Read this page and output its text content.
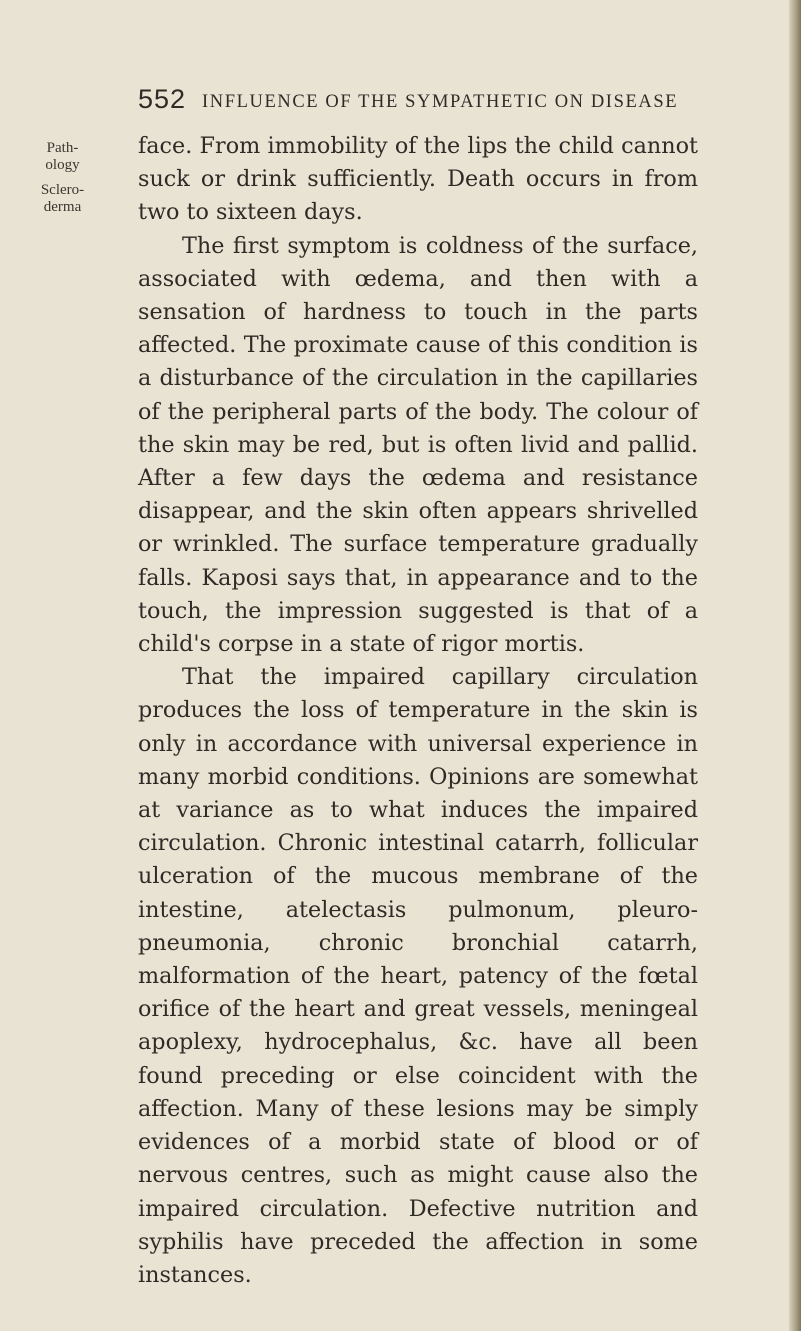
552 INFLUENCE OF THE SYMPATHETIC ON DISEASE
Path-
ology
Sclero-
derma

face. From immobility of the lips the child cannot suck or drink sufficiently. Death occurs in from two to sixteen days.

The first symptom is coldness of the surface, associated with œdema, and then with a sensation of hardness to touch in the parts affected. The proximate cause of this condition is a disturbance of the circulation in the capillaries of the peripheral parts of the body. The colour of the skin may be red, but is often livid and pallid. After a few days the œdema and resistance disappear, and the skin often appears shrivelled or wrinkled. The surface temperature gradually falls. Kaposi says that, in appearance and to the touch, the impression suggested is that of a child's corpse in a state of rigor mortis.

That the impaired capillary circulation produces the loss of temperature in the skin is only in accordance with universal experience in many morbid conditions. Opinions are somewhat at variance as to what induces the impaired circulation. Chronic intestinal catarrh, follicular ulceration of the mucous membrane of the intestine, atelectasis pulmonum, pleuro-pneumonia, chronic bronchial catarrh, malformation of the heart, patency of the fœtal orifice of the heart and great vessels, meningeal apoplexy, hydrocephalus, &c. have all been found preceding or else coincident with the affection. Many of these lesions may be simply evidences of a morbid state of blood or of nervous centres, such as might cause also the impaired circulation. Defective nutrition and syphilis have preceded the affection in some instances.
